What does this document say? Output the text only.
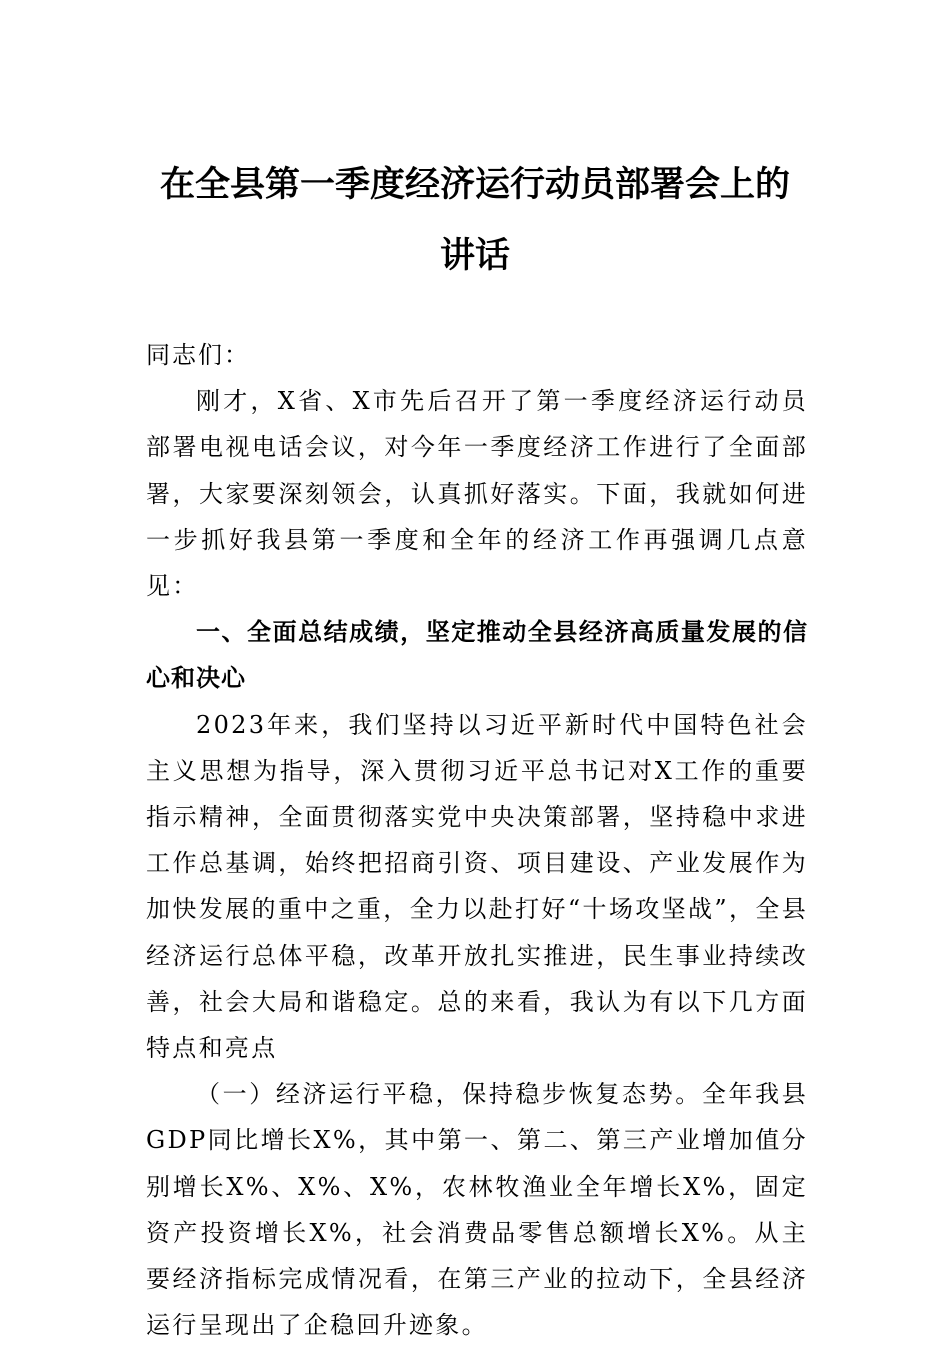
在全县第一季度经济运行动员部署会上的
讲话

同志们：

刚才，X省、X市先后召开了第一季度经济运行动员部署电视电话会议，对今年一季度经济工作进行了全面部署，大家要深刻领会，认真抓好落实。下面，我就如何进一步抓好我县第一季度和全年的经济工作再强调几点意见：

一、全面总结成绩，坚定推动全县经济高质量发展的信心和决心

2023年来，我们坚持以习近平新时代中国特色社会主义思想为指导，深入贯彻习近平总书记对X工作的重要指示精神，全面贯彻落实党中央决策部署，坚持稳中求进工作总基调，始终把招商引资、项目建设、产业发展作为加快发展的重中之重，全力以赴打好“十场攻坚战”，全县经济运行总体平稳，改革开放扎实推进，民生事业持续改善，社会大局和谐稳定。总的来看，我认为有以下几方面特点和亮点

（一）经济运行平稳，保持稳步恢复态势。全年我县GDP同比增长X%，其中第一、第二、第三产业增加值分别增长X%、X%、X%，农林牧渔业全年增长X%，固定资产投资增长X%，社会消费品零售总额增长X%。从主要经济指标完成情况看，在第三产业的拉动下，全县经济运行呈现出了企稳回升迹象。
